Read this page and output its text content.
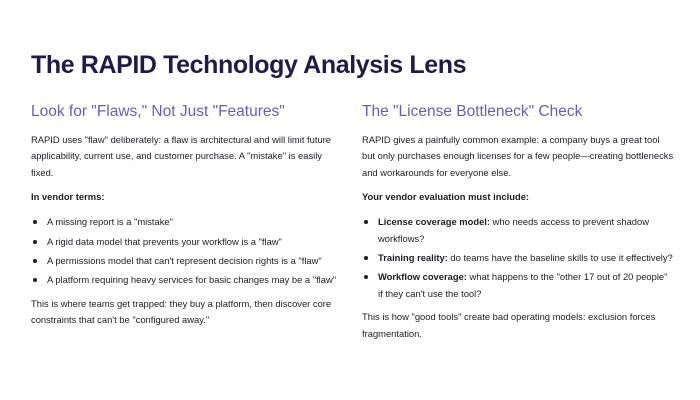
The RAPID Technology Analysis Lens
Look for "Flaws," Not Just "Features"

RAPID uses "flaw" deliberately: a flaw is architectural and will limit future applicability, current use, and customer purchase. A "mistake" is easily fixed.

In vendor terms:

A missing report is a "mistake"
A rigid data model that prevents your workflow is a "flaw"
A permissions model that can't represent decision rights is a "flaw"
A platform requiring heavy services for basic changes may be a "flaw"

This is where teams get trapped: they buy a platform, then discover core constraints that can't be "configured away."

The "License Bottleneck" Check

RAPID gives a painfully common example: a company buys a great tool but only purchases enough licenses for a few people—creating bottlenecks and workarounds for everyone else.

Your vendor evaluation must include:

License coverage model: who needs access to prevent shadow workflows?
Training reality: do teams have the baseline skills to use it effectively?
Workflow coverage: what happens to the "other 17 out of 20 people" if they can't use the tool?

This is how "good tools" create bad operating models: exclusion forces fragmentation.
